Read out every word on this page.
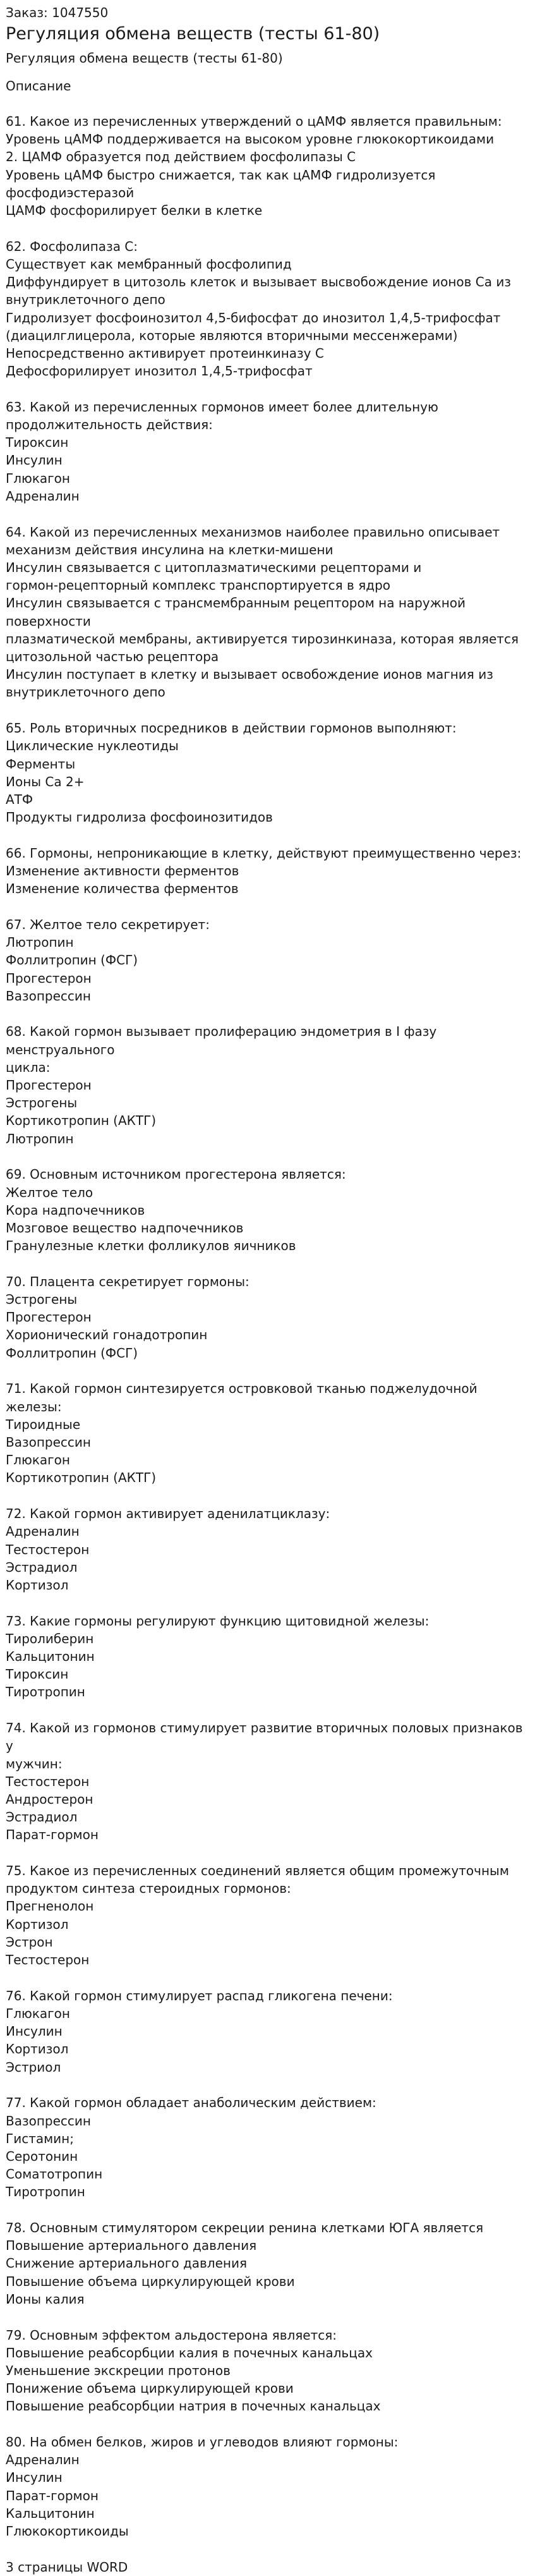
Заказ: 1047550
Регуляция обмена веществ (тесты 61-80)
Регуляция обмена веществ (тесты 61-80)
Описание
61. Какое из перечисленных утверждений о цАМФ является правильным:
Уровень цАМФ поддерживается на высоком уровне глюкокортикоидами
2. ЦАМФ образуется под действием фосфолипазы С
Уровень цАМФ быстро снижается, так как цАМФ гидролизуется
фосфодиэстеразой
ЦАМФ фосфорилирует белки в клетке
62. Фосфолипаза С:
Существует как мембранный фосфолипид
Диффундирует в цитозоль клеток и вызывает высвобождение ионов Са из
внутриклеточного депо
Гидролизует фосфоинозитол 4,5-бифосфат до инозитол 1,4,5-трифосфат
(диацилглицерола, которые являются вторичными мессенжерами)
Непосредственно активирует протеинкиназу С
Дефосфорилирует инозитол 1,4,5-трифосфат
63. Какой из перечисленных гормонов имеет более длительную
продолжительность действия:
Тироксин
Инсулин
Глюкагон
Адреналин
64. Какой из перечисленных механизмов наиболее правильно описывает
механизм действия инсулина на клетки-мишени
Инсулин связывается с цитоплазматическими рецепторами и
гормон-рецепторный комплекс транспортируется в ядро
Инсулин связывается с трансмембранным рецептором на наружной поверхности
плазматической мембраны, активируется тирозинкиназа, которая является
цитозольной частью рецептора
Инсулин поступает в клетку и вызывает освобождение ионов магния из
внутриклеточного депо
65. Роль вторичных посредников в действии гормонов выполняют:
Циклические нуклеотиды
Ферменты
Ионы Са 2+
АТФ
Продукты гидролиза фосфоинозитидов
66. Гормоны, непроникающие в клетку, действуют преимущественно через:
Изменение активности ферментов
Изменение количества ферментов
67. Желтое тело секретирует:
Лютропин
Фоллитропин (ФСГ)
Прогестерон
Вазопрессин
68. Какой гормон вызывает пролиферацию эндометрия в I фазу менструального
цикла:
Прогестерон
Эстрогены
Кортикотропин (АКТГ)
Лютропин
69. Основным источником прогестерона является:
Желтое тело
Кора надпочечников
Мозговое вещество надпочечников
Гранулезные клетки фолликулов яичников
70. Плацента секретирует гормоны:
Эстрогены
Прогестерон
Хорионический гонадотропин
Фоллитропин (ФСГ)
71. Какой гормон синтезируется островковой тканью поджелудочной железы:
Тироидные
Вазопрессин
Глюкагон
Кортикотропин (АКТГ)
72. Какой гормон активирует аденилатциклазу:
Адреналин
Тестостерон
Эстрадиол
Кортизол
73. Какие гормоны регулируют функцию щитовидной железы:
Тиролиберин
Кальцитонин
Тироксин
Тиротропин
74. Какой из гормонов стимулирует развитие вторичных половых признаков у
мужчин:
Тестостерон
Андростерон
Эстрадиол
Парат-гормон
75. Какое из перечисленных соединений является общим промежуточным
продуктом синтеза стероидных гормонов:
Прегненолон
Кортизол
Эстрон
Тестостерон
76. Какой гормон стимулирует распад гликогена печени:
Глюкагон
Инсулин
Кортизол
Эстриол
77. Какой гормон обладает анаболическим действием:
Вазопрессин
Гистамин;
Серотонин
Соматотропин
Тиротропин
78. Основным стимулятором секреции ренина клетками ЮГА является
Повышение артериального давления
Снижение артериального давления
Повышение объема циркулирующей крови
Ионы калия
79. Основным эффектом альдостерона является:
Повышение реабсорбции калия в почечных канальцах
Уменьшение экскреции протонов
Понижение объема циркулирующей крови
Повышение реабсорбции натрия в почечных канальцах
80. На обмен белков, жиров и углеводов влияют гормоны:
Адреналин
Инсулин
Парат-гормон
Кальцитонин
Глюкокортикоиды
3 страницы WORD
